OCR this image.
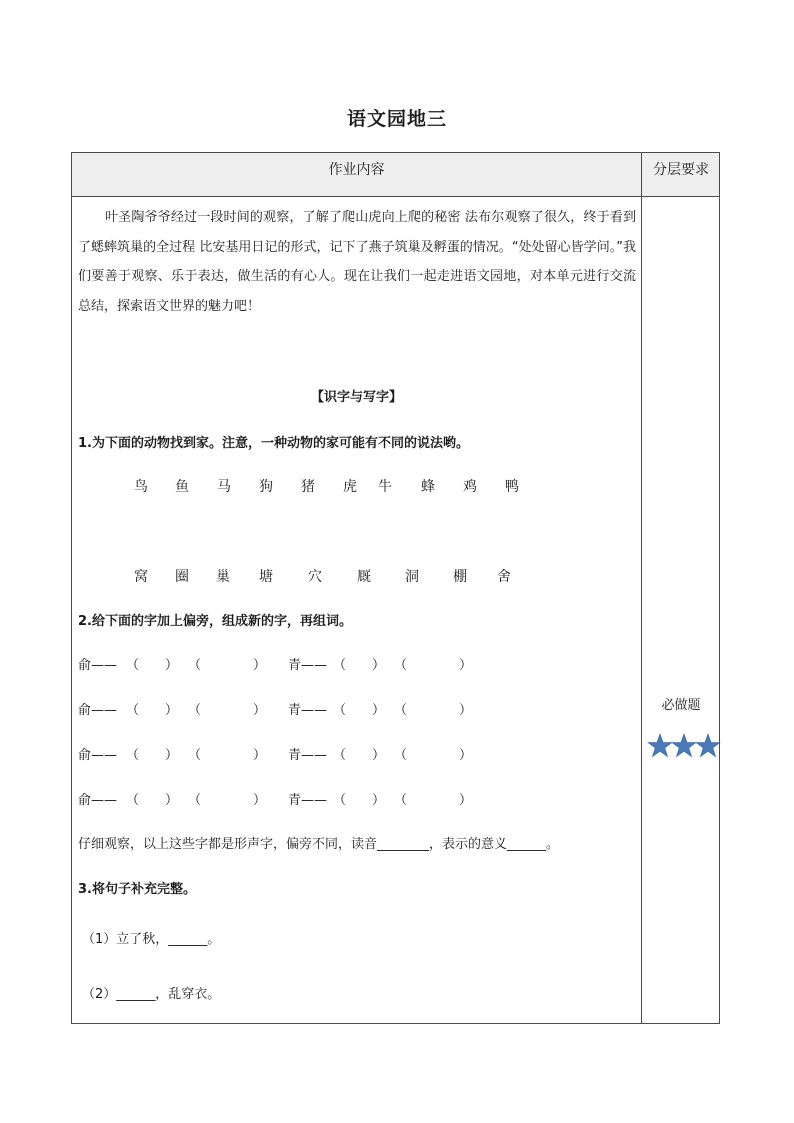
语文园地三
作业内容	分层要求
叶圣陶爷爷经过一段时间的观察，了解了爬山虎向上爬的秘密 法布尔观察了很久，终于看到了蟋蟀筑巢的全过程 比安基用日记的形式，记下了燕子筑巢及孵蛋的情况。“处处留心皆学问。”我们要善于观察、乐于表达，做生活的有心人。现在让我们一起走进语文园地，对本单元进行交流总结，探索语文世界的魅力吧！
【识字与写字】
1.为下面的动物找到家。注意，一种动物的家可能有不同的说法哟。
鸟 鱼 马 狗 猪 虎 牛 蜂 鸡 鸭
窝 圈 巢 塘	穴	厩 洞 棚 舍
2.给下面的字加上偏旁，组成新的字，再组词。
俞—— （　　） （　　　　） 青—— （　　） （　　　　）
俞—— （　　） （　　　　） 青—— （　　） （　　　　）
俞—— （　　） （　　　　） 青—— （　　） （　　　　）
俞—— （　　） （　　　　） 青—— （　　） （　　　　）
仔细观察，以上这些字都是形声字，偏旁不同，读音________，表示的意义______。
3.将句子补充完整。
（1）立了秋，______。
（2）______，乱穿衣。
必做题
